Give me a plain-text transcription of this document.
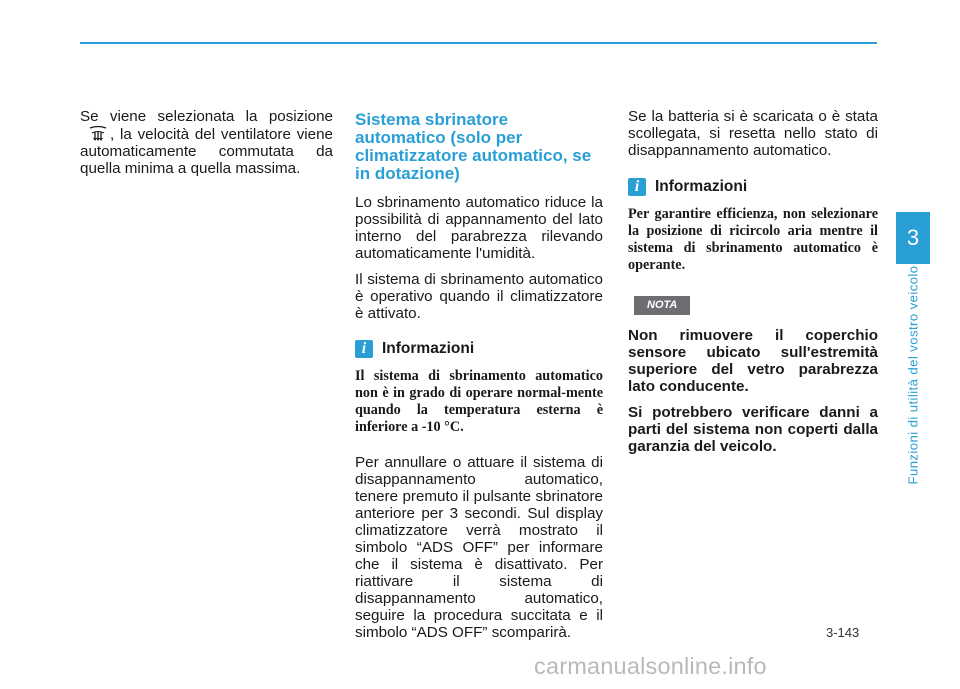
Se viene selezionata la posizione, la velocità del ventilatore viene automaticamente commutata da quella minima a quella massima.

Sistema sbrinatore automatico (solo per climatizzatore automatico, se in dotazione)

Lo sbrinamento automatico riduce la possibilità di appannamento del lato interno del parabrezza rilevando automaticamente l'umidità.

Il sistema di sbrinamento automatico è operativo quando il climatizzatore è attivato.

i	Informazioni

Il sistema di sbrinamento automatico non è in grado di operare normal-mente quando la temperatura esterna è inferiore a -10 °C.

Per annullare o attuare il sistema di disappannamento automatico, tenere premuto il pulsante sbrinatore anteriore per 3 secondi. Sul display climatizzatore verrà mostrato il simbolo “ADS OFF” per informare che il sistema è disattivato. Per riattivare il sistema di disappannamento automatico, seguire la procedura succitata e il simbolo “ADS OFF” scomparirà.

Se la batteria si è scaricata o è stata scollegata, si resetta nello stato di disappannamento automatico.

i	Informazioni

Per garantire efficienza, non selezionare la posizione di ricircolo aria mentre il sistema di sbrinamento automatico è operante.

NOTA

Non rimuovere il coperchio sensore ubicato sull'estremità superiore del vetro parabrezza lato conducente.

Si potrebbero verificare danni a parti del sistema non coperti dalla garanzia del veicolo.

3
Funzioni di utilità del vostro veicolo
3-143
carmanualsonline.info
